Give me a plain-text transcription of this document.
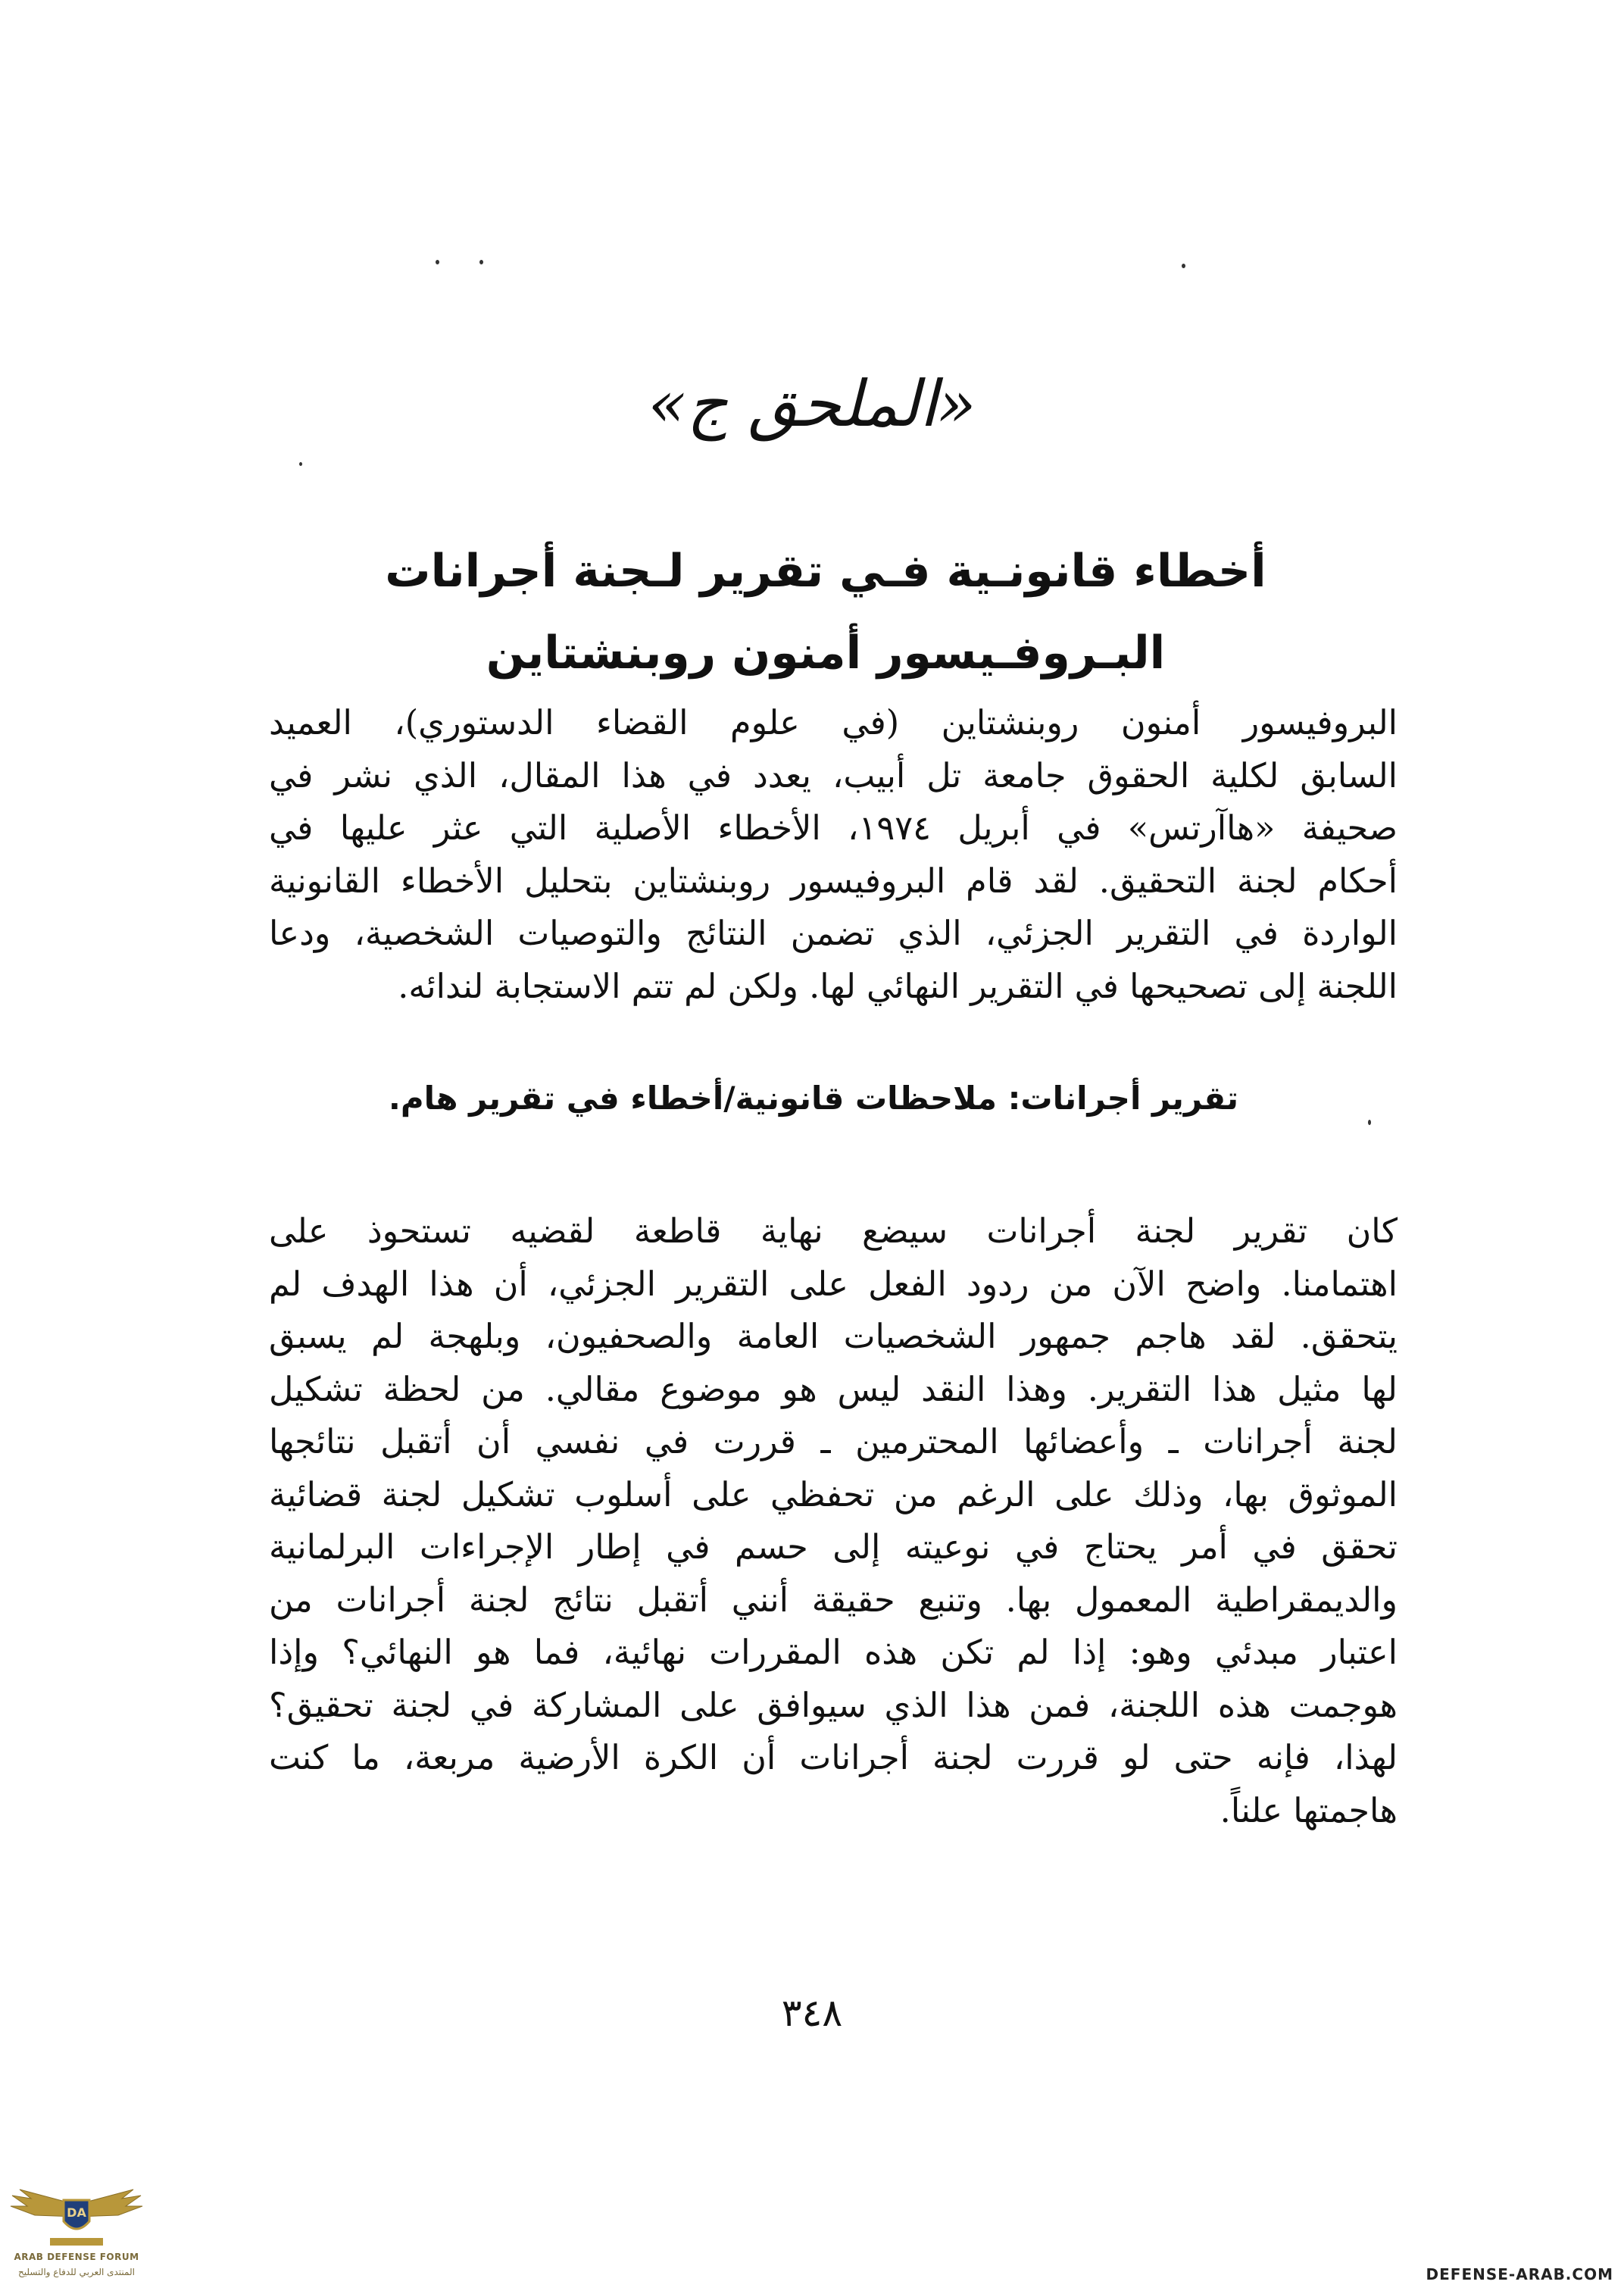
«الملحق ج»
أخطاء قانونـية فـي تقرير لـجنة أجرانات
البـروفـيسور أمنون روبنشتاين
البروفيسور أمنون روبنشتاين (في علوم القضاء الدستوري)، العميد
السابق لكلية الحقوق جامعة تل أبيب، يعدد في هذا المقال، الذي نشر في
صحيفة «هاآرتس» في أبريل ١٩٧٤، الأخطاء الأصلية التي عثر عليها في
أحكام لجنة التحقيق. لقد قام البروفيسور روبنشتاين بتحليل الأخطاء القانونية
الواردة في التقرير الجزئي، الذي تضمن النتائج والتوصيات الشخصية، ودعا
اللجنة إلى تصحيحها في التقرير النهائي لها. ولكن لم تتم الاستجابة لندائه.
تقرير أجرانات: ملاحظات قانونية/أخطاء في تقرير هام.
كان تقرير لجنة أجرانات سيضع نهاية قاطعة لقضيه تستحوذ على
اهتمامنا. واضح الآن من ردود الفعل على التقرير الجزئي، أن هذا الهدف لم
يتحقق. لقد هاجم جمهور الشخصيات العامة والصحفيون، وبلهجة لم يسبق
لها مثيل هذا التقرير. وهذا النقد ليس هو موضوع مقالي. من لحظة تشكيل
لجنة أجرانات ـ وأعضائها المحترمين ـ قررت في نفسي أن أتقبل نتائجها
الموثوق بها، وذلك على الرغم من تحفظي على أسلوب تشكيل لجنة قضائية
تحقق في أمر يحتاج في نوعيته إلى حسم في إطار الإجراءات البرلمانية
والديمقراطية المعمول بها. وتنبع حقيقة أنني أتقبل نتائج لجنة أجرانات من
اعتبار مبدئي وهو: إذا لم تكن هذه المقررات نهائية، فما هو النهائي؟ وإذا
هوجمت هذه اللجنة، فمن هذا الذي سيوافق على المشاركة في لجنة تحقيق؟
لهذا، فإنه حتى لو قررت لجنة أجرانات أن الكرة الأرضية مربعة، ما كنت
هاجمتها علناً.
٣٤٨
DA
ARAB DEFENSE FORUM
المنتدى العربي للدفاع والتسليح	DEFENSE-ARAB.COM
